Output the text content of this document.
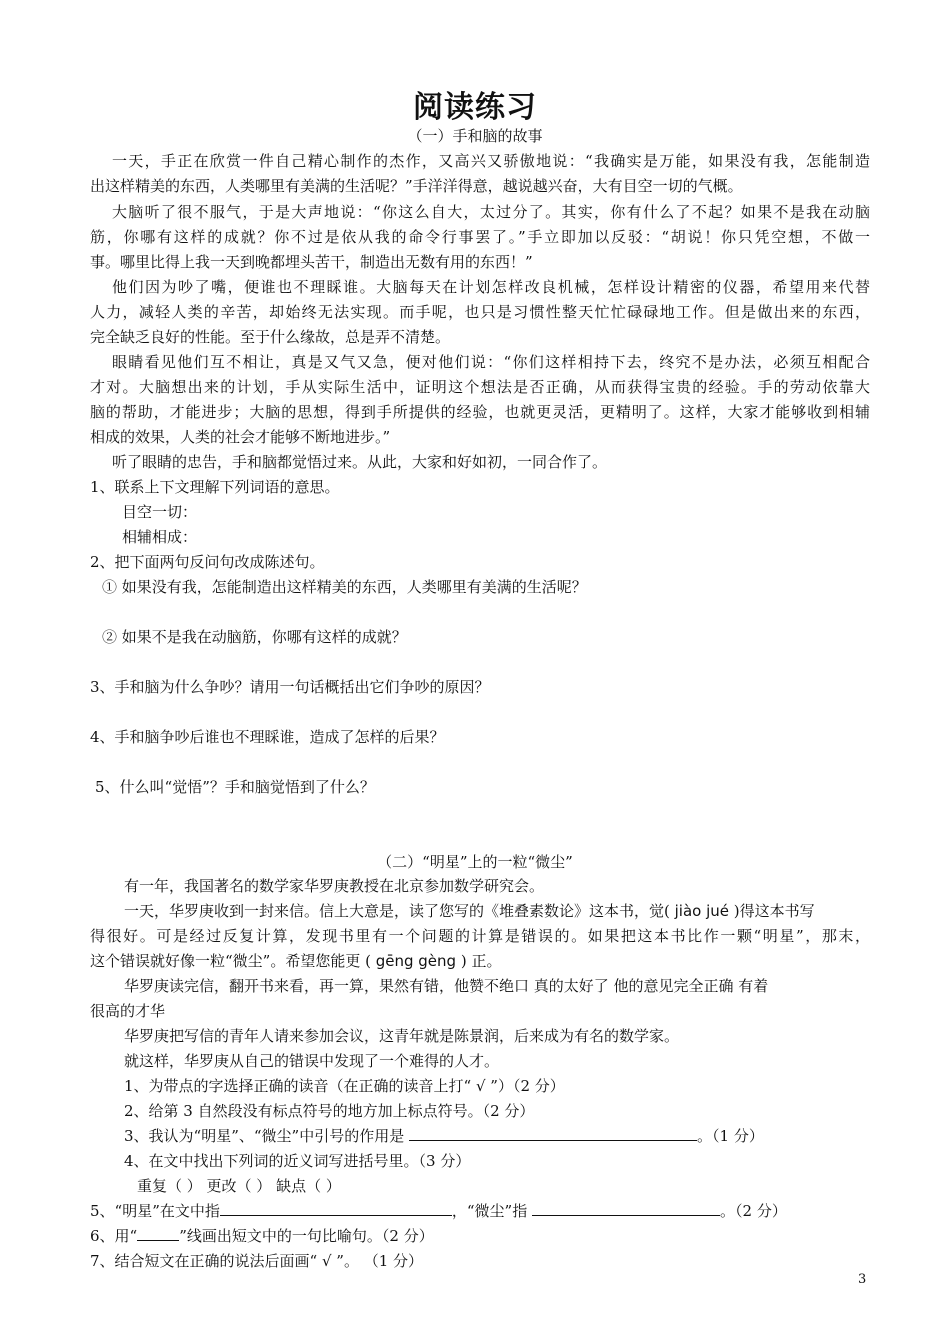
阅读练习
（一）手和脑的故事
一天，手正在欣赏一件自己精心制作的杰作，又高兴又骄傲地说：“我确实是万能，如果没有我，怎能制造
出这样精美的东西，人类哪里有美满的生活呢？”手洋洋得意，越说越兴奋，大有目空一切的气概。
大脑听了很不服气，于是大声地说：“你这么自大，太过分了。其实，你有什么了不起？如果不是我在动脑
筋，你哪有这样的成就？你不过是依从我的命令行事罢了。”手立即加以反驳：“胡说！你只凭空想，不做一
事。哪里比得上我一天到晚都埋头苦干，制造出无数有用的东西！”
他们因为吵了嘴，便谁也不理睬谁。大脑每天在计划怎样改良机械，怎样设计精密的仪器，希望用来代替
人力，减轻人类的辛苦，却始终无法实现。而手呢，也只是习惯性整天忙忙碌碌地工作。但是做出来的东西，
完全缺乏良好的性能。至于什么缘故，总是弄不清楚。
眼睛看见他们互不相让，真是又气又急，便对他们说：“你们这样相持下去，终究不是办法，必须互相配合
才对。大脑想出来的计划，手从实际生活中，证明这个想法是否正确，从而获得宝贵的经验。手的劳动依靠大
脑的帮助，才能进步；大脑的思想，得到手所提供的经验，也就更灵活，更精明了。这样，大家才能够收到相辅
相成的效果，人类的社会才能够不断地进步。”
听了眼睛的忠告，手和脑都觉悟过来。从此，大家和好如初，一同合作了。
1、联系上下文理解下列词语的意思。
目空一切：
相辅相成：
2、把下面两句反问句改成陈述句。
① 如果没有我，怎能制造出这样精美的东西，人类哪里有美满的生活呢？
② 如果不是我在动脑筋，你哪有这样的成就？
3、手和脑为什么争吵？请用一句话概括出它们争吵的原因？
4、手和脑争吵后谁也不理睬谁，造成了怎样的后果？
5、什么叫“觉悟”？手和脑觉悟到了什么？
（二）“明星”上的一粒“微尘”
有一年，我国著名的数学家华罗庚教授在北京参加数学研究会。
一天，华罗庚收到一封来信。信上大意是，读了您写的《堆叠素数论》这本书，觉( jiào jué )得这本书写
得很好。可是经过反复计算，发现书里有一个问题的计算是错误的。如果把这本书比作一颗“明星”，那末，
这个错误就好像一粒“微尘”。希望您能更 ( gēng gèng ) 正。
华罗庚读完信，翻开书来看，再一算，果然有错，他赞不绝口 真的太好了 他的意见完全正确 有着
很高的才华
华罗庚把写信的青年人请来参加会议，这青年就是陈景润，后来成为有名的数学家。
就这样，华罗庚从自己的错误中发现了一个难得的人才。
1、为带点的字选择正确的读音（在正确的读音上打“ √ ”）（2 分）
2、给第 3 自然段没有标点符号的地方加上标点符号。（2 分）
3、我认为“明星”、“微尘”中引号的作用是	。（1 分）
4、在文中找出下列词的近义词写进括号里。（3 分）
重复（ ） 更改（ ） 缺点（ ）
5、“明星”在文中指	，“微尘”指	。（2 分）
6、用“	”线画出短文中的一句比喻句。（2 分）
7、结合短文在正确的说法后面画“ √ ”。 （1 分）
3
